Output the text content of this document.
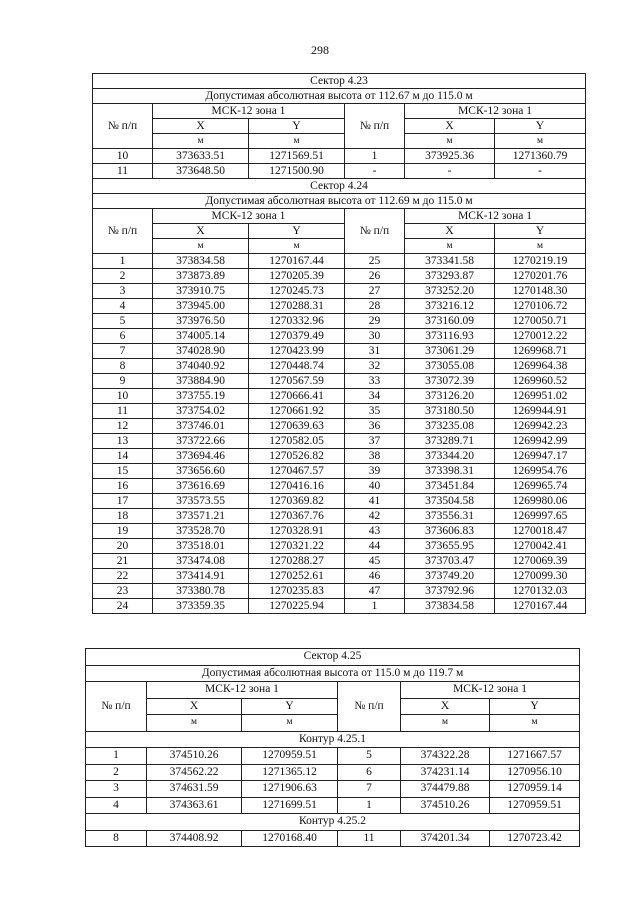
298
Сектор 4.23					
Допустимая абсолютная высота от 112.67 м до 115.0 м					
№ п/п	МСК-12 зона 1		№ п/п	МСК-12 зона 1	
	X	Y		X	Y
	м	м		м	м
10	373633.51	1271569.51	1	373925.36	1271360.79
11	373648.50	1271500.90	-	-	-
Сектор 4.24					
Допустимая абсолютная высота от 112.69 м до 115.0 м					
№ п/п	МСК-12 зона 1		№ п/п	МСК-12 зона 1	
	X	Y		X	Y
	м	м		м	м
1	373834.58	1270167.44	25	373341.58	1270219.19
2	373873.89	1270205.39	26	373293.87	1270201.76
3	373910.75	1270245.73	27	373252.20	1270148.30
4	373945.00	1270288.31	28	373216.12	1270106.72
5	373976.50	1270332.96	29	373160.09	1270050.71
6	374005.14	1270379.49	30	373116.93	1270012.22
7	374028.90	1270423.99	31	373061.29	1269968.71
8	374040.92	1270448.74	32	373055.08	1269964.38
9	373884.90	1270567.59	33	373072.39	1269960.52
10	373755.19	1270666.41	34	373126.20	1269951.02
11	373754.02	1270661.92	35	373180.50	1269944.91
12	373746.01	1270639.63	36	373235.08	1269942.23
13	373722.66	1270582.05	37	373289.71	1269942.99
14	373694.46	1270526.82	38	373344.20	1269947.17
15	373656.60	1270467.57	39	373398.31	1269954.76
16	373616.69	1270416.16	40	373451.84	1269965.74
17	373573.55	1270369.82	41	373504.58	1269980.06
18	373571.21	1270367.76	42	373556.31	1269997.65
19	373528.70	1270328.91	43	373606.83	1270018.47
20	373518.01	1270321.22	44	373655.95	1270042.41
21	373474.08	1270288.27	45	373703.47	1270069.39
22	373414.91	1270252.61	46	373749.20	1270099.30
23	373380.78	1270235.83	47	373792.96	1270132.03
24	373359.35	1270225.94	1	373834.58	1270167.44
Сектор 4.25					
Допустимая абсолютная высота от 115.0 м до 119.7 м					
№ п/п	МСК-12 зона 1		№ п/п	МСК-12 зона 1	
	X	Y		X	Y
	м	м		м	м
Контур 4.25.1					
1	374510.26	1270959.51	5	374322.28	1271667.57
2	374562.22	1271365.12	6	374231.14	1270956.10
3	374631.59	1271906.63	7	374479.88	1270959.14
4	374363.61	1271699.51	1	374510.26	1270959.51
Контур 4.25.2					
8	374408.92	1270168.40	11	374201.34	1270723.42
